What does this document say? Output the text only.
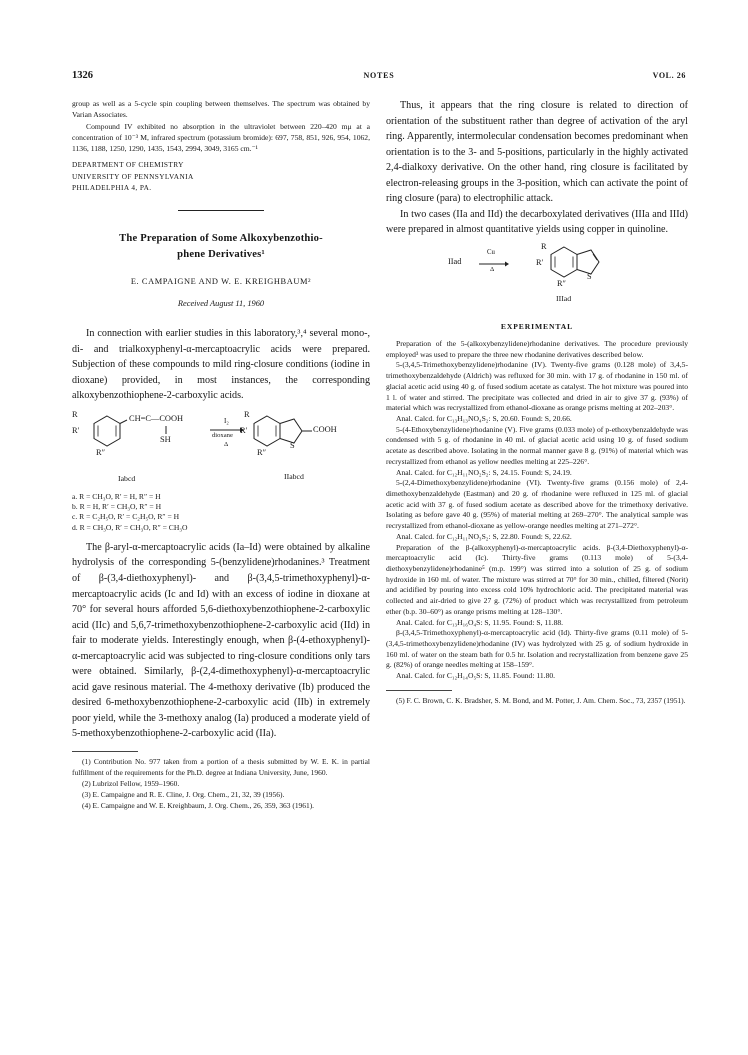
1326	NOTES	VOL. 26

group as well as a 5-cycle spin coupling between themselves. The spectrum was obtained by Varian Associates.

Compound IV exhibited no absorption in the ultraviolet between 220–420 mμ at a concentration of 10⁻³ M, infrared spectrum (potassium bromide): 697, 758, 851, 926, 954, 1062, 1136, 1188, 1250, 1290, 1435, 1543, 2994, 3049, 3165 cm.⁻¹

DEPARTMENT OF CHEMISTRY
UNIVERSITY OF PENNSYLVANIA
PHILADELPHIA 4, PA.
The Preparation of Some Alkoxybenzothio-
phene Derivatives¹
E. CAMPAIGNE AND W. E. KREIGHBAUM²
Received August 11, 1960

In connection with earlier studies in this laboratory,³,⁴ several mono-, di- and trialkoxyphenyl-α-mercaptoacrylic acids were prepared. Subjection of these compounds to mild ring-closure conditions (iodine in dioxane) provided, in most instances, the corresponding alkoxybenzothiophene-2-carboxylic acids.

R
R′
R″
CH=C—COOH
SH
I₂
dioxane
Δ
R
R′
R″
S
COOH
Iabcd	IIabcd
a. R = CH₃O, R′ = H, R″ = H
b. R = H, R′ = CH₃O, R″ = H
c. R = C₂H₅O, R′ = C₂H₅O, R″ = H
d. R = CH₃O, R′ = CH₃O, R″ = CH₃O

The β-aryl-α-mercaptoacrylic acids (Ia–Id) were obtained by alkaline hydrolysis of the corresponding 5-(benzylidene)rhodanines.³ Treatment of β-(3,4-diethoxyphenyl)- and β-(3,4,5-trimethoxyphenyl)-α-mercaptoacrylic acids (Ic and Id) with an excess of iodine in dioxane at 70° for several hours afforded 5,6-diethoxybenzothiophene-2-carboxylic acid (IIc) and 5,6,7-trimethoxybenzothiophene-2-carboxylic acid (IId) in fair to moderate yields. Interestingly enough, when β-(4-ethoxyphenyl)-α-mercaptoacrylic acid was subjected to ring-closure conditions only tars were obtained. Similarly, β-(2,4-dimethoxyphenyl)-α-mercaptoacrylic acid gave resinous material. The 4-methoxy derivative (Ib) produced the desired 6-methoxybenzothiophene-2-carboxylic acid (IIb) in extremely poor yield, while the 3-methoxy analog (Ia) produced a moderate yield of 5-methoxybenzothiophene-2-carboxylic acid (IIa).

(1) Contribution No. 977 taken from a portion of a thesis submitted by W. E. K. in partial fulfillment of the requirements for the Ph.D. degree at Indiana University, June, 1960.

(2) Lubrizol Fellow, 1959–1960.

(3) E. Campaigne and R. E. Cline, J. Org. Chem., 21, 32, 39 (1956).

(4) E. Campaigne and W. E. Kreighbaum, J. Org. Chem., 26, 359, 363 (1961).

Thus, it appears that the ring closure is related to direction of orientation of the substituent rather than degree of activation of the aryl ring. Apparently, intermolecular condensation becomes predominant when orientation is to the 3- and 5-positions, particularly in the highly activated 2,4-dialkoxy derivative. On the other hand, ring closure is facilitated by electron-releasing groups in the 3-position, which can activate the point of ring closure (para) to electrophilic attack.

In two cases (IIa and IId) the decarboxylated derivatives (IIIa and IIId) were prepared in almost quantitative yields using copper in quinoline.

IIad
Cu
Δ
R
R′
R″
S
IIIad
EXPERIMENTAL

Preparation of the 5-(alkoxybenzylidene)rhodanine derivatives. The procedure previously employed³ was used to prepare the three new rhodanine derivatives described below.

5-(3,4,5-Trimethoxybenzylidene)rhodanine (IV). Twenty-five grams (0.128 mole) of 3,4,5-trimethoxybenzaldehyde (Aldrich) was refluxed for 30 min. with 17 g. of rhodanine in 150 ml. of glacial acetic acid using 40 g. of fused sodium acetate as catalyst. The hot mixture was poured into 1 l. of water and stirred. The precipitate was collected and dried in air to give 37 g. (93%) of material which was recrystallized from ethanol-dioxane as orange prisms melting at 202–203°.

Anal. Calcd. for C₁₃H₁₃NO₄S₂: S, 20.60. Found: S, 20.66.

5-(4-Ethoxybenzylidene)rhodanine (V). Five grams (0.033 mole) of p-ethoxybenzaldehyde was condensed with 5 g. of rhodanine in 40 ml. of glacial acetic acid using 10 g. of fused sodium acetate as described above. Isolating in the normal manner gave 8 g. (91%) of material which was recrystallized from ethanol as yellow needles melting at 225–226°.

Anal. Calcd. for C₁₂H₁₁NO₂S₂: S, 24.15. Found: S, 24.19.

5-(2,4-Dimethoxybenzylidene)rhodanine (VI). Twenty-five grams (0.156 mole) of 2,4-dimethoxybenzaldehyde (Eastman) and 20 g. of rhodanine were refluxed in 125 ml. of glacial acetic acid with 37 g. of fused sodium acetate as described above for the trimethoxy derivative. Isolating as before gave 40 g. (95%) of material melting at 269–270°. The analytical sample was recrystallized from ethanol-dioxane as yellow-orange needles melting at 271–272°.

Anal. Calcd. for C₁₂H₁₁NO₃S₂: S, 22.80. Found: S, 22.62.

Preparation of the β-(alkoxyphenyl)-α-mercaptoacrylic acids. β-(3,4-Diethoxyphenyl)-α-mercaptoacrylic acid (Ic). Thirty-five grams (0.113 mole) of 5-(3,4-diethoxybenzylidene)rhodanine⁵ (m.p. 199°) was stirred into a solution of 25 g. of sodium hydroxide in 160 ml. of water. The mixture was stirred at 70° for 30 min., chilled, filtered (Norit) and acidified by pouring into excess cold 10% hydrochloric acid. The precipitated material was collected and air-dried to give 27 g. (72%) of product which was recrystallized from petroleum ether (b.p. 30–60°) as orange prisms melting at 128–130°.

Anal. Calcd. for C₁₃H₁₆O₄S: S, 11.95. Found: S, 11.88.

β-(3,4,5-Trimethoxyphenyl)-α-mercaptoacrylic acid (Id). Thirty-five grams (0.11 mole) of 5-(3,4,5-trimethoxybenzylidene)rhodanine (IV) was hydrolyzed with 25 g. of sodium hydroxide in 160 ml. of water on the steam bath for 0.5 hr. Isolation and recrystallization from benzene gave 25 g. (82%) of orange needles melting at 158–159°.

Anal. Calcd. for C₁₂H₁₄O₅S: S, 11.85. Found: 11.80.

(5) F. C. Brown, C. K. Bradsher, S. M. Bond, and M. Potter, J. Am. Chem. Soc., 73, 2357 (1951).
